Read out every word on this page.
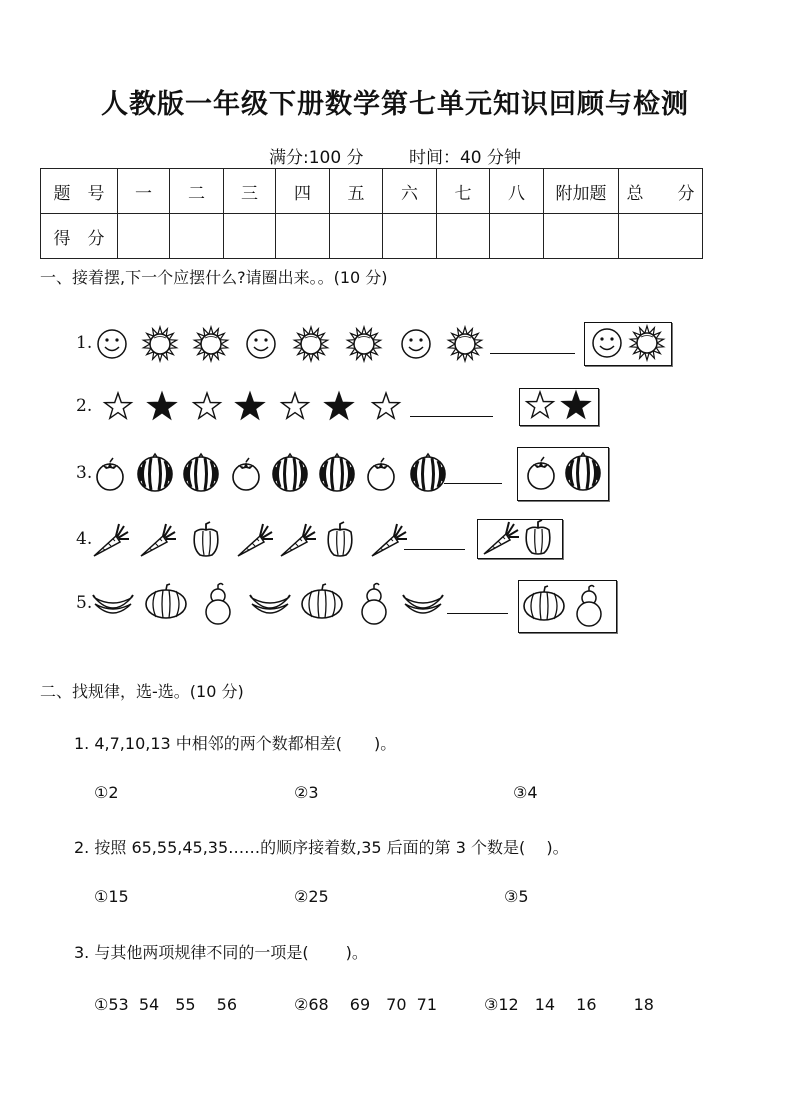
人教版一年级下册数学第七单元知识回顾与检测
满分:100 分	时间：40 分钟
题　号	一	二	三	四	五	六	七	八	附加题	总　　分
得　分										
一、接着摆,下一个应摆什么?请圈出来。。(10 分)
1.
2.
3.
4.
5.
二、找规律，选-选。(10 分)
1. 4,7,10,13 中相邻的两个数都相差(　　)。
①2	②3	③4
2. 按照 65,55,45,35……的顺序接着数,35 后面的第 3 个数是(　 )。
①15	②25	③5
3. 与其他两项规律不同的一项是(　　 )。
①53  54　55　 56	②68　 69　70  71	③12　14　 16　 　18
